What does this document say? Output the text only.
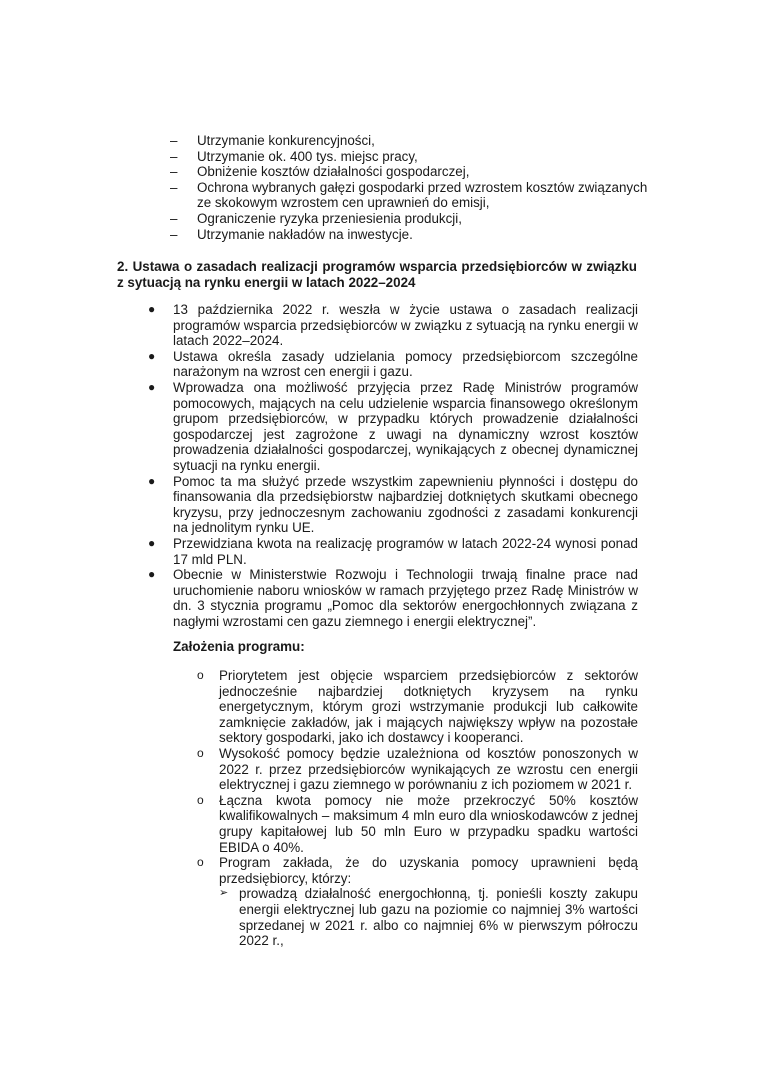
– Utrzymanie konkurencyjności,
– Utrzymanie ok. 400 tys. miejsc pracy,
– Obniżenie kosztów działalności gospodarczej,
– Ochrona wybranych gałęzi gospodarki przed wzrostem kosztów związanych ze skokowym wzrostem cen uprawnień do emisji,
– Ograniczenie ryzyka przeniesienia produkcji,
– Utrzymanie nakładów na inwestycje.
2. Ustawa o zasadach realizacji programów wsparcia przedsiębiorców w związku z sytuacją na rynku energii w latach 2022–2024
● 13 października 2022 r. weszła w życie ustawa o zasadach realizacji programów wsparcia przedsiębiorców w związku z sytuacją na rynku energii w latach 2022–2024.
● Ustawa określa zasady udzielania pomocy przedsiębiorcom szczególne narażonym na wzrost cen energii i gazu.
● Wprowadza ona możliwość przyjęcia przez Radę Ministrów programów pomocowych, mających na celu udzielenie wsparcia finansowego określonym grupom przedsiębiorców, w przypadku których prowadzenie działalności gospodarczej jest zagrożone z uwagi na dynamiczny wzrost kosztów prowadzenia działalności gospodarczej, wynikających z obecnej dynamicznej sytuacji na rynku energii.
● Pomoc ta ma służyć przede wszystkim zapewnieniu płynności i dostępu do finansowania dla przedsiębiorstw najbardziej dotkniętych skutkami obecnego kryzysu, przy jednoczesnym zachowaniu zgodności z zasadami konkurencji na jednolitym rynku UE.
● Przewidziana kwota na realizację programów w latach 2022-24 wynosi ponad 17 mld PLN.
● Obecnie w Ministerstwie Rozwoju i Technologii trwają finalne prace nad uruchomienie naboru wniosków w ramach przyjętego przez Radę Ministrów w dn. 3 stycznia programu „Pomoc dla sektorów energochłonnych związana z nagłymi wzrostami cen gazu ziemnego i energii elektrycznej”.
Założenia programu:
o Priorytetem jest objęcie wsparciem przedsiębiorców z sektorów jednocześnie najbardziej dotkniętych kryzysem na rynku energetycznym, którym grozi wstrzymanie produkcji lub całkowite zamknięcie zakładów, jak i mających największy wpływ na pozostałe sektory gospodarki, jako ich dostawcy i kooperanci.
o Wysokość pomocy będzie uzależniona od kosztów ponoszonych w 2022 r. przez przedsiębiorców wynikających ze wzrostu cen energii elektrycznej i gazu ziemnego w porównaniu z ich poziomem w 2021 r.
o Łączna kwota pomocy nie może przekroczyć 50% kosztów kwalifikowalnych – maksimum 4 mln euro dla wnioskodawców z jednej grupy kapitałowej lub 50 mln Euro w przypadku spadku wartości EBIDA o 40%.
o Program zakłada, że do uzyskania pomocy uprawnieni będą przedsiębiorcy, którzy:
➢ prowadzą działalność energochłonną, tj. ponieśli koszty zakupu energii elektrycznej lub gazu na poziomie co najmniej 3% wartości sprzedanej w 2021 r. albo co najmniej 6% w pierwszym półroczu 2022 r.,
